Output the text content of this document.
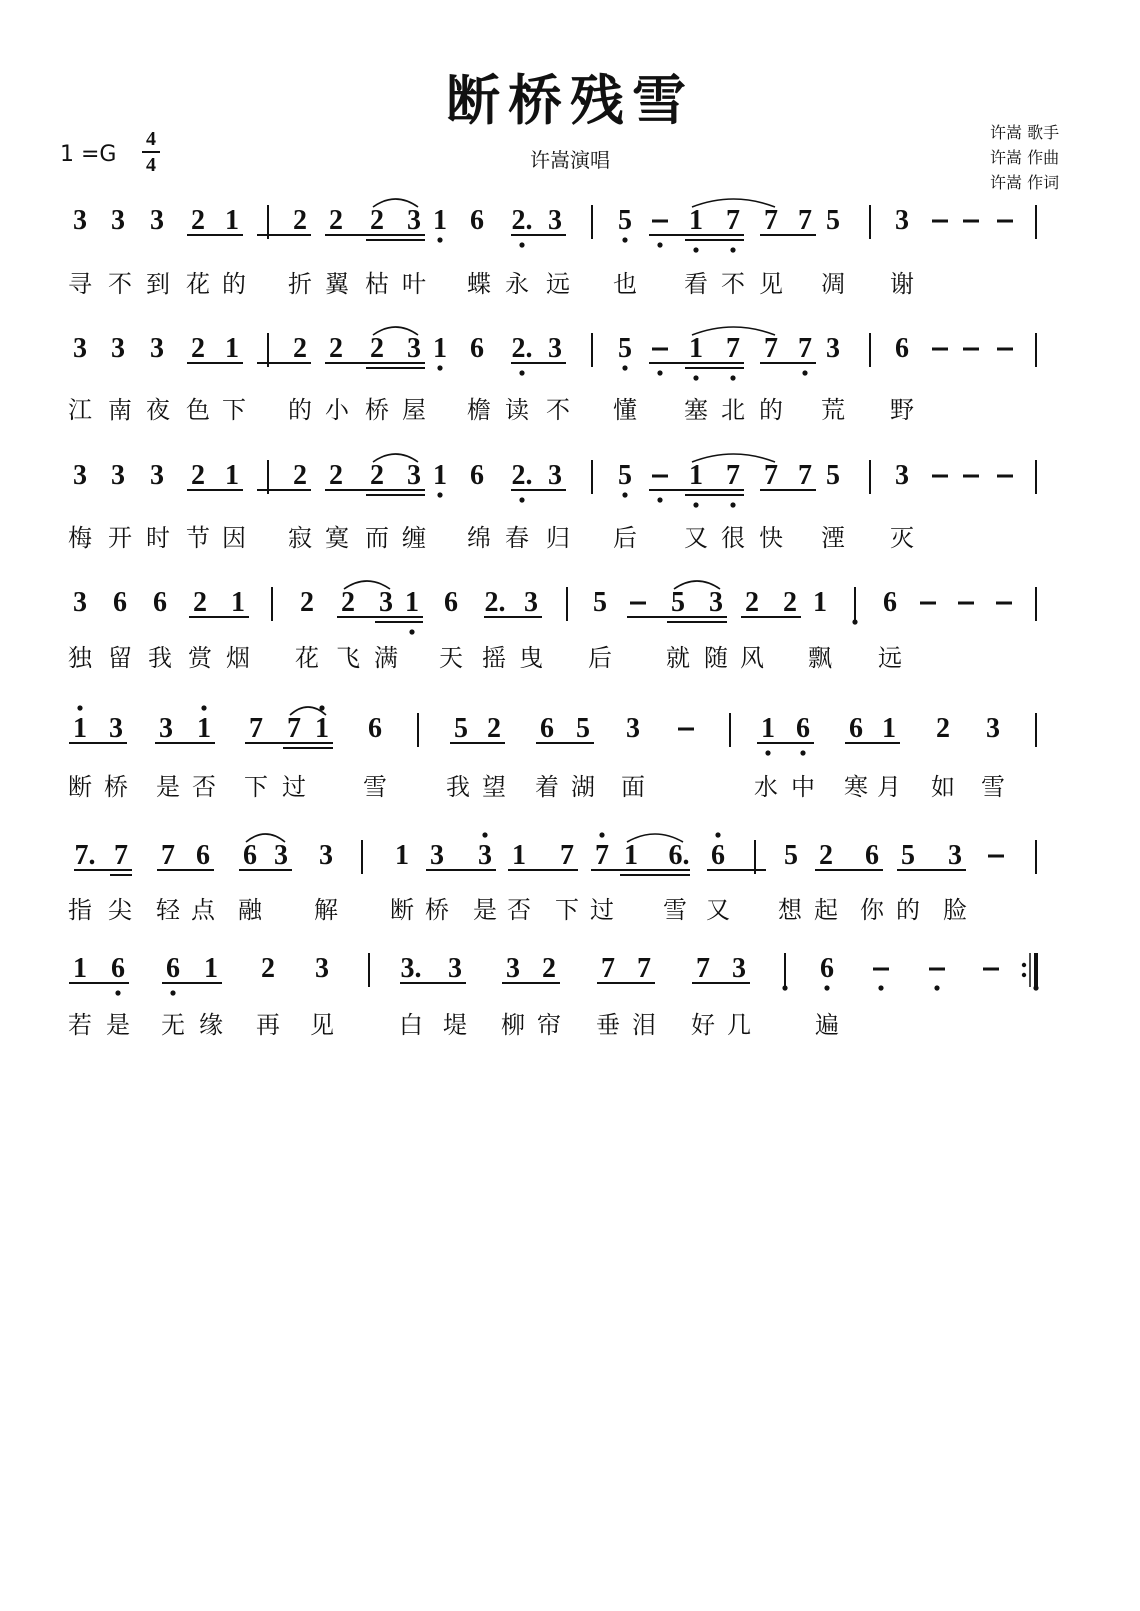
断桥残雪
1 =G
4
4	许嵩演唱
许嵩 歌手
许嵩 作曲
许嵩 作词
3 3 3 2 1 2 2 2 3 1 6 2. 3 5 1 7 7 7 5 3
寻 不 到 花 的 折 翼 枯 叶 蝶 永 远 也 看 不 见 凋 谢
3 3 3 2 1 2 2 2 3 1 6 2. 3 5 1 7 7 7 3 6
江 南 夜 色 下 的 小 桥 屋 檐 读 不 懂 塞 北 的 荒 野
3 3 3 2 1 2 2 2 3 1 6 2. 3 5 1 7 7 7 5 3
梅 开 时 节 因 寂 寞 而 缠 绵 春 归 后 又 很 快 湮 灭
3 6 6 2 1 2 2 3 1 6 2. 3 5 5 3 2 2 1 6
独 留 我 赏 烟 花 飞 满 天 摇 曳 后 就 随 风 飘 远
1 3 3 1 7 7 1 6	5 2 6 5 3	1 6 6 1 2 3
断 桥 是 否 下 过 雪 我 望 着 湖 面	水 中 寒 月 如 雪
7. 7 7 6 6 3 3 1 3 3 1 7 7 1 6. 6 5 2 6 5 3
指 尖 轻 点 融 解 断 桥 是 否 下 过 雪 又 想 起 你 的 脸
1 6 6 1 2 3	3. 3 3 2 7 7 7 3	6
若 是 无 缘 再 见	白 堤 柳 帘 垂 泪 好 几	遍
